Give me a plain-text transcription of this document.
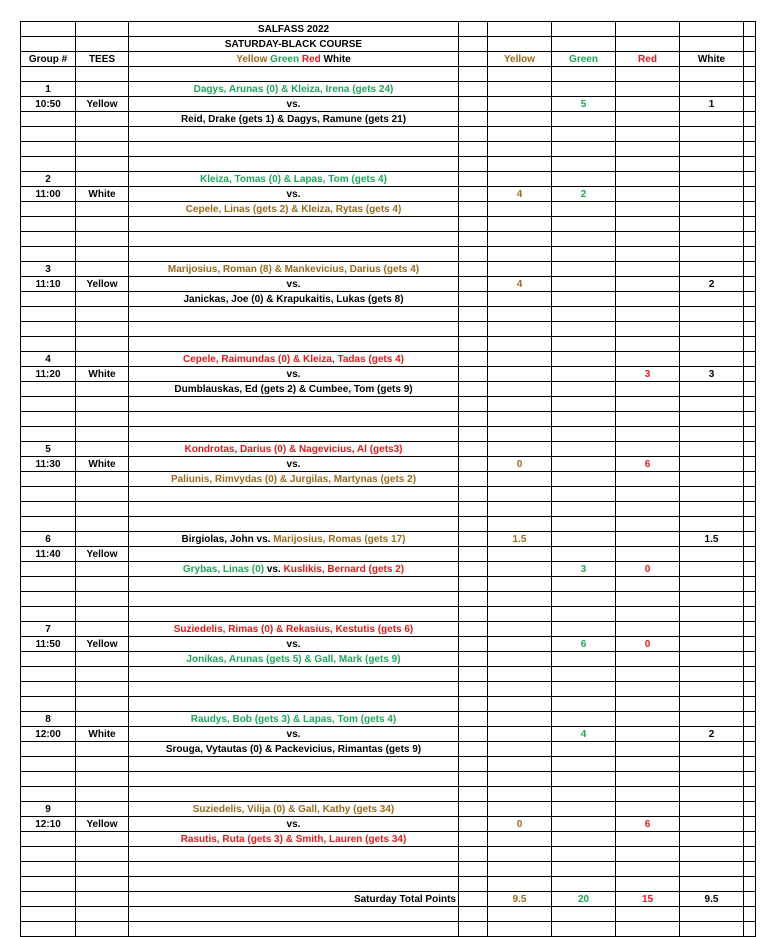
		SALFASS 2022						
		SATURDAY-BLACK COURSE						
Group #	TEES	Yellow Green Red White		Yellow	Green	Red	White	

1		Dagys, Arunas (0) & Kleiza, Irena (gets 24)						
10:50	Yellow	vs.			5		1	
		Reid, Drake (gets 1) & Dagys, Ramune (gets 21)						

2		Kleiza, Tomas (0) & Lapas, Tom (gets 4)						
11:00	White	vs.		4	2			
		Cepele, Linas (gets 2) & Kleiza, Rytas (gets 4)						

3		Marijosius, Roman (8) & Mankevicius, Darius (gets 4)						
11:10	Yellow	vs.		4			2	
		Janickas, Joe (0) & Krapukaitis, Lukas (gets 8)						

4		Cepele, Raimundas (0) & Kleiza, Tadas (gets 4)						
11:20	White	vs.				3	3	
		Dumblauskas, Ed (gets 2) & Cumbee, Tom (gets 9)						

5		Kondrotas, Darius (0) & Nagevicius, Al (gets3)						
11:30	White	vs.		0		6		
		Paliunis, Rimvydas (0) & Jurgilas, Martynas (gets 2)						

6		Birgiolas, John vs. Marijosius, Romas (gets 17)		1.5			1.5	
11:40	Yellow							
		Grybas, Linas (0) vs. Kuslikis, Bernard (gets 2)			3	0		

7		Suziedelis, Rimas (0) & Rekasius, Kestutis (gets 6)						
11:50	Yellow	vs.			6	0		
		Jonikas, Arunas (gets 5) & Gall, Mark (gets 9)						

8		Raudys, Bob (gets 3) & Lapas, Tom (gets 4)						
12:00	White	vs.			4		2	
		Srouga, Vytautas (0) & Packevicius, Rimantas (gets 9)						

9		Suziedelis, Vilija (0) & Gall, Kathy (gets 34)						
12:10	Yellow	vs.		0		6		
		Rasutis, Ruta (gets 3) & Smith, Lauren (gets 34)						

		Saturday Total Points		9.5	20	15	9.5	
